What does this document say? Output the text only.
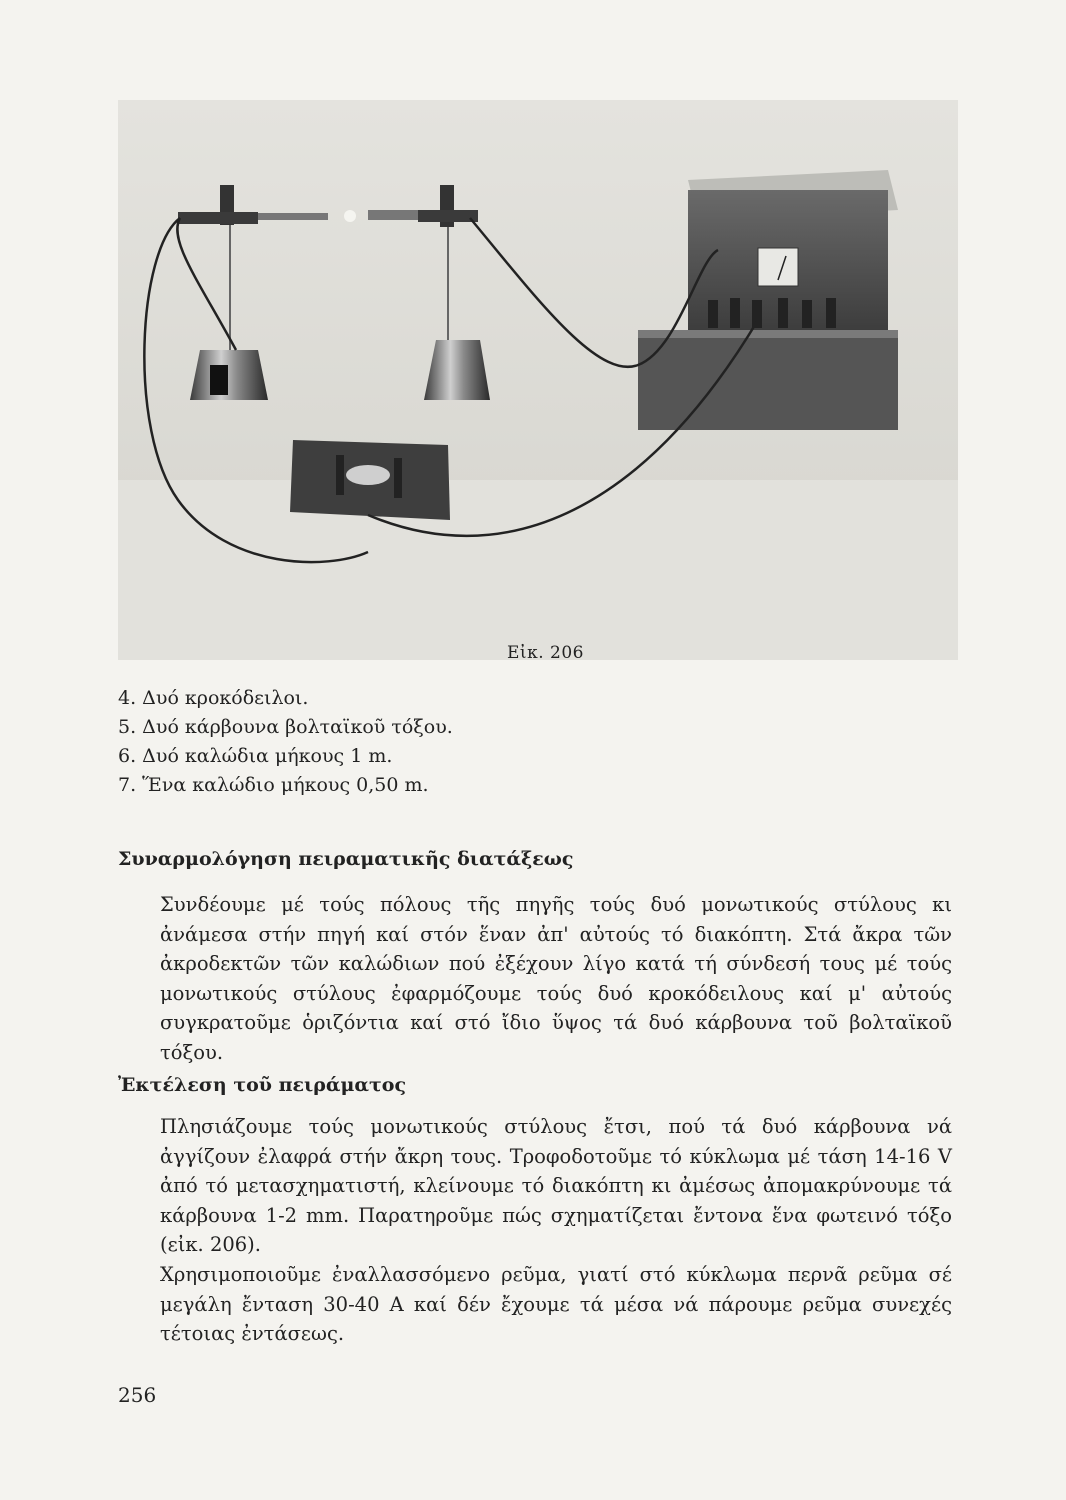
Εἰκ. 206
4. Δυό κροκόδειλοι.
5. Δυό κάρβουνα βολταϊκοῦ τόξου.
6. Δυό καλώδια μήκους 1 m.
7. Ἕνα καλώδιο μήκους 0,50 m.
Συναρμολόγηση πειραματικῆς διατάξεως
Συνδέουμε μέ τούς πόλους τῆς πηγῆς τούς δυό μονωτικούς στύλους κι ἀνάμεσα στήν πηγή καί στόν ἕναν ἀπ' αὐτούς τό διακόπτη. Στά ἄκρα τῶν ἀκροδεκτῶν τῶν καλώδιων πού ἐξέχουν λίγο κατά τή σύνδεσή τους μέ τούς μονωτικούς στύλους ἐφαρμόζουμε τούς δυό κροκόδειλους καί μ' αὐτούς συγκρατοῦμε ὁριζόντια καί στό ἴδιο ὕψος τά δυό κάρβουνα τοῦ βολταϊκοῦ τόξου.
Ἐκτέλεση τοῦ πειράματος
Πλησιάζουμε τούς μονωτικούς στύλους ἔτσι, πού τά δυό κάρβουνα νά ἀγγίζουν ἐλαφρά στήν ἄκρη τους. Τροφοδοτοῦμε τό κύκλωμα μέ τάση 14-16 V ἀπό τό μετασχηματιστή, κλείνουμε τό διακόπτη κι ἀμέσως ἀπομακρύνουμε τά κάρβουνα 1-2 mm. Παρατηροῦμε πώς σχηματίζεται ἔντονα ἕνα φωτεινό τόξο (εἰκ. 206).
Χρησιμοποιοῦμε ἐναλλασσόμενο ρεῦμα, γιατί στό κύκλωμα περνᾶ ρεῦμα σέ μεγάλη ἔνταση 30-40 A καί δέν ἔχουμε τά μέσα νά πάρουμε ρεῦμα συνεχές τέτοιας ἐντάσεως.
256
